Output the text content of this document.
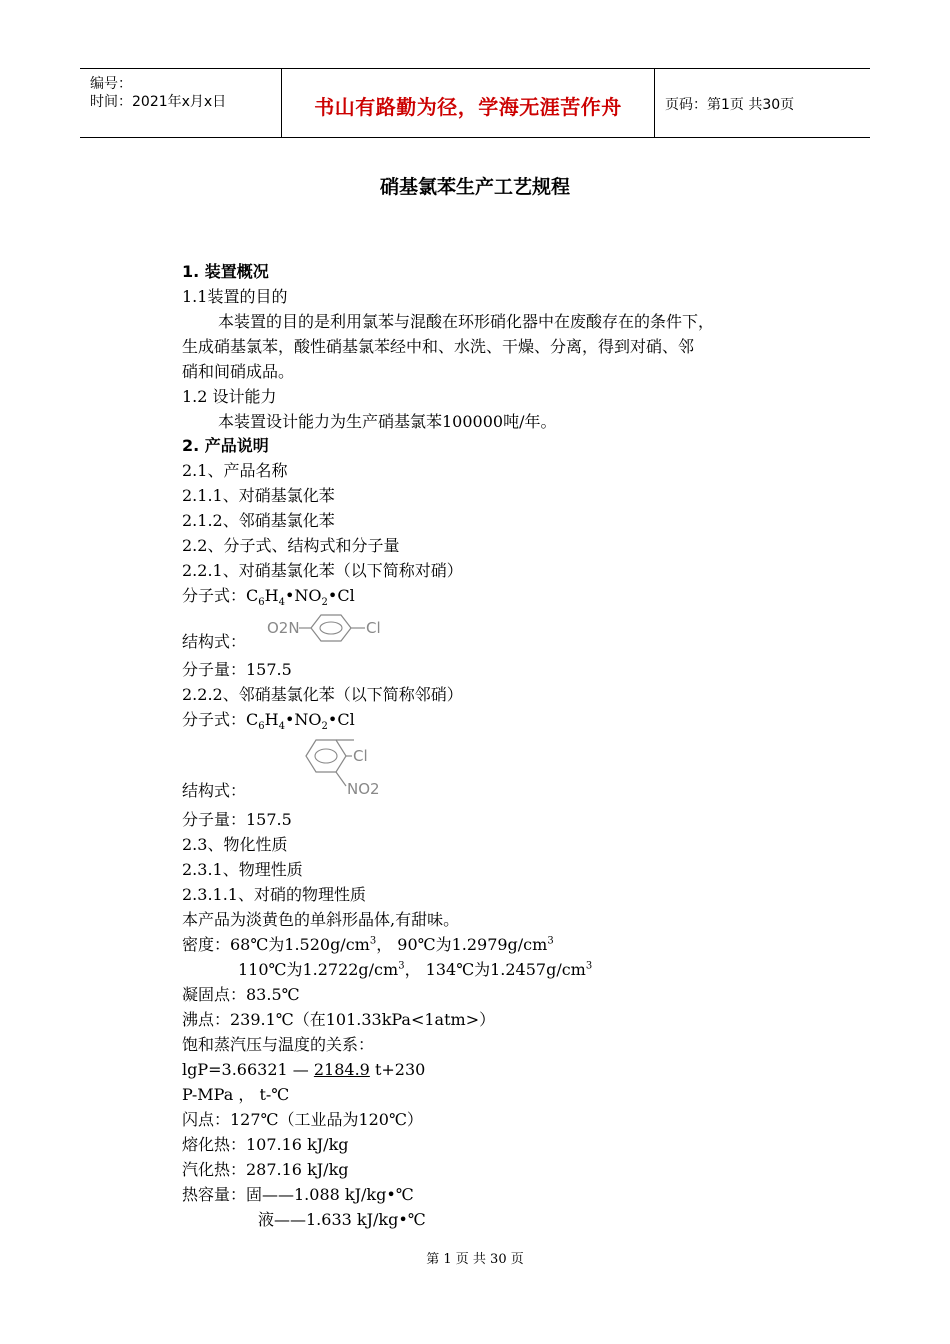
编号：
时间：2021年x月x日	书山有路勤为径，学海无涯苦作舟	页码：第1页 共30页
硝基氯苯生产工艺规程
1. 装置概况
1.1装置的目的
本装置的目的是利用氯苯与混酸在环形硝化器中在废酸存在的条件下，
生成硝基氯苯，酸性硝基氯苯经中和、水洗、干燥、分离，得到对硝、邻
硝和间硝成品。
1.2 设计能力
本装置设计能力为生产硝基氯苯100000吨/年。
2. 产品说明
2.1、产品名称
2.1.1、对硝基氯化苯
2.1.2、邻硝基氯化苯
2.2、分子式、结构式和分子量
2.2.1、对硝基氯化苯（以下简称对硝）
分子式：$C_6H_4•NO_2•Cl$
结构式：
O2N	Cl
分子量：157.5
2.2.2、邻硝基氯化苯（以下简称邻硝）
分子式：$C_6H_4•NO_2•Cl$
Cl
NO2
结构式：
分子量：157.5
2.3、物化性质
2.3.1、物理性质
2.3.1.1、对硝的物理性质
本产品为淡黄色的单斜形晶体,有甜味。
密度：68℃为$1.520g/cm^3$， 90℃为$1.2979g/cm^3$
110℃为$1.2722g/cm^3$， 134℃为$1.2457g/cm^3$
凝固点：83.5℃
沸点：239.1℃（在101.33kPa<1atm>）
饱和蒸汽压与温度的关系：
lgP=3.66321 — 2184.9 t+230
P-MPa ， t-℃
闪点：127℃（工业品为120℃）
熔化热：107.16 kJ/kg
汽化热：287.16 kJ/kg
热容量：固——1.088 kJ/kg•℃
液——1.633 kJ/kg•℃
第 1 页 共 30 页
